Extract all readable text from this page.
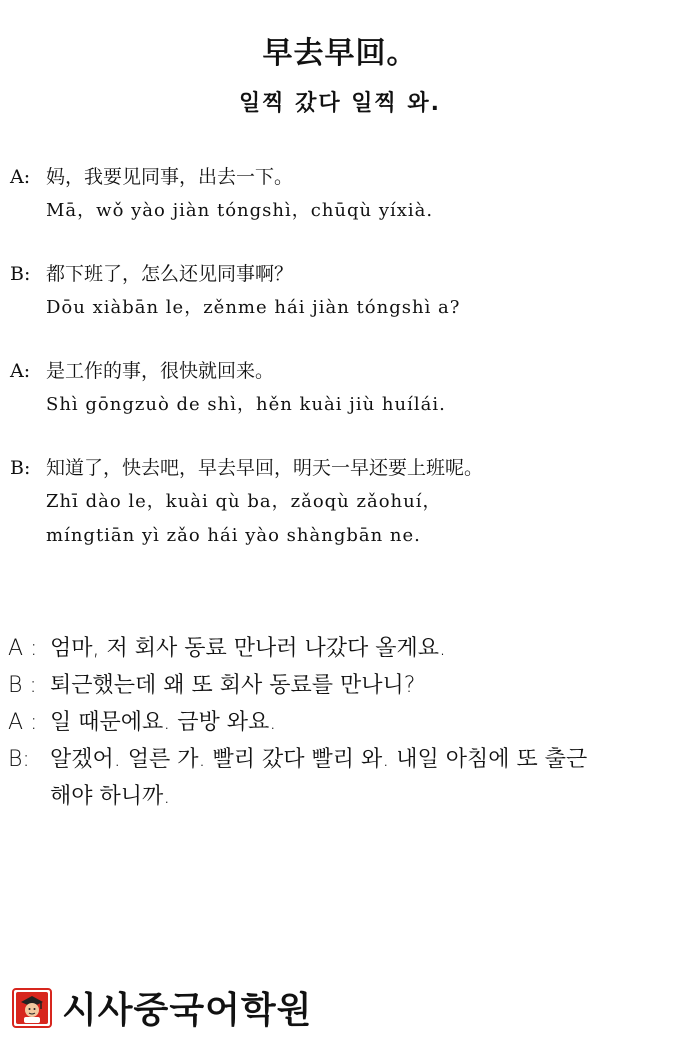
早去早回。
일찍 갔다 일찍 와.
A: 妈，我要见同事，出去一下。
Mā，wǒ yào jiàn tóngshì，chūqù yíxià.
B: 都下班了，怎么还见同事啊？
Dōu xiàbān le，zěnme hái jiàn tóngshì a?
A: 是工作的事，很快就回来。
Shì gōngzuò de shì，hěn kuài jiù huílái.
B: 知道了，快去吧，早去早回，明天一早还要上班呢。
Zhī dào le，kuài qù ba，zǎoqù zǎohuí，
míngtiān yì zǎo hái yào shàngbān ne.
A : 엄마, 저 회사 동료 만나러 나갔다 올게요.
B : 퇴근했는데 왜 또 회사 동료를 만나니?
A : 일 때문에요. 금방 와요.
B: 알겠어. 얼른 가. 빨리 갔다 빨리 와. 내일 아침에 또 출근
해야 하니까.
시사중국어학원
